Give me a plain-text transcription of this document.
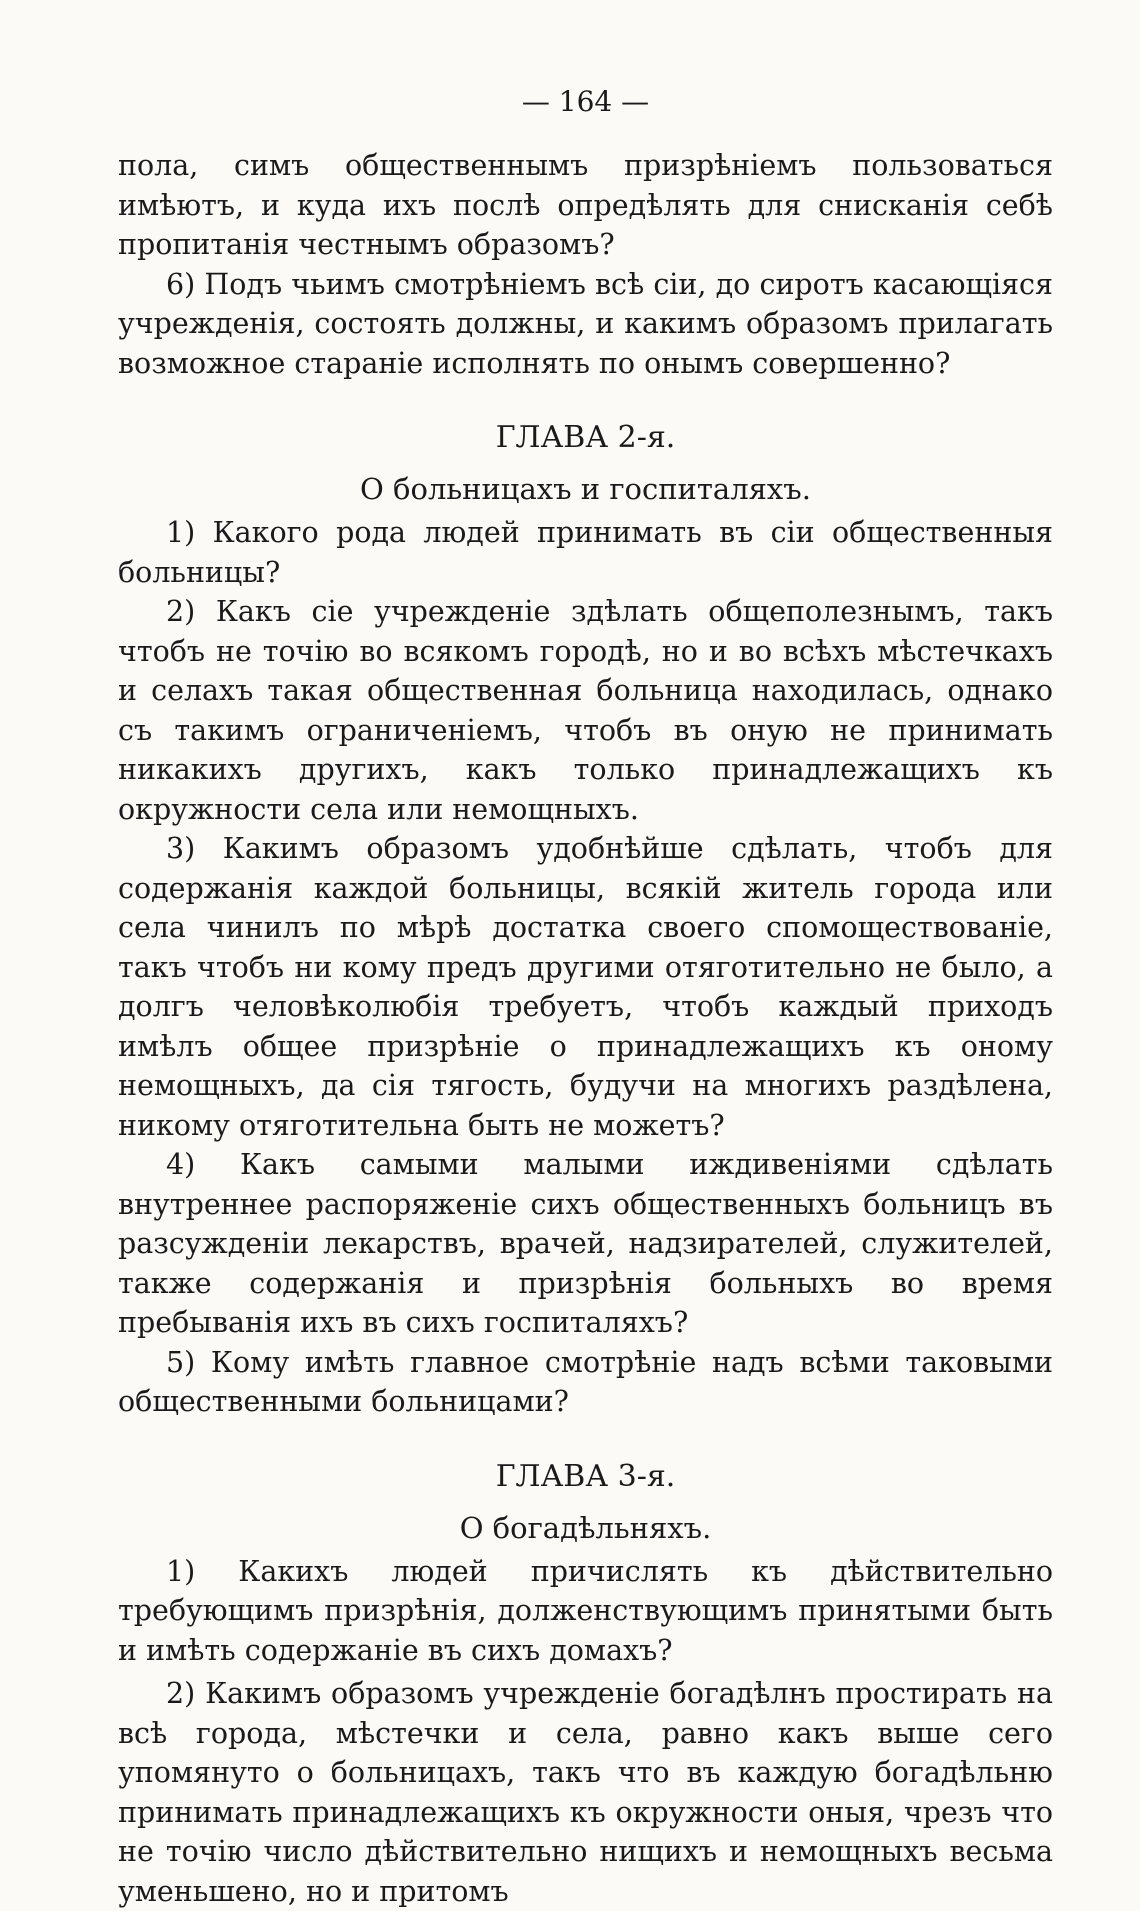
— 164 —

пола, симъ общественнымъ призрѣніемъ пользоваться имѣютъ, и куда ихъ послѣ опредѣлять для снисканія себѣ пропитанія честнымъ образомъ?

6) Подъ чьимъ смотрѣніемъ всѣ сіи, до сиротъ касающіяся учрежденія, состоять должны, и какимъ образомъ прилагать возможное стараніе исполнять по онымъ совершенно?

ГЛАВА 2-я.
О больницахъ и госпиталяхъ.

1) Какого рода людей принимать въ сіи общественныя больницы?

2) Какъ сіе учрежденіе здѣлать общеполезнымъ, такъ чтобъ не точію во всякомъ городѣ, но и во всѣхъ мѣстечкахъ и селахъ такая общественная больница находилась, однако съ такимъ ограниченіемъ, чтобъ въ оную не принимать никакихъ другихъ, какъ только принадлежащихъ къ окружности села или немощныхъ.

3) Какимъ образомъ удобнѣйше сдѣлать, чтобъ для содержанія каждой больницы, всякій житель города или села чинилъ по мѣрѣ достатка своего спомоществованіе, такъ чтобъ ни кому предъ другими отяготительно не было, а долгъ человѣколюбія требуетъ, чтобъ каждый приходъ имѣлъ общее призрѣніе о принадлежащихъ къ оному немощныхъ, да сія тягость, будучи на многихъ раздѣлена, никому отяготительна быть не можетъ?

4) Какъ самыми малыми иждивеніями сдѣлать внутреннее распоряженіе сихъ общественныхъ больницъ въ разсужденіи лекарствъ, врачей, надзирателей, служителей, также содержанія и призрѣнія больныхъ во время пребыванія ихъ въ сихъ госпиталяхъ?

5) Кому имѣть главное смотрѣніе надъ всѣми таковыми общественными больницами?

ГЛАВА 3-я.
О богадѣльняхъ.

1) Какихъ людей причислять къ дѣйствительно требующимъ призрѣнія, долженствующимъ принятыми быть и имѣть содержаніе въ сихъ домахъ?

2) Какимъ образомъ учрежденіе богадѣлнъ простирать на всѣ города, мѣстечки и села, равно какъ выше сего упомянуто о больницахъ, такъ что въ каждую богадѣльню принимать принадлежащихъ къ окружности оныя, чрезъ что не точію число дѣйствительно нищихъ и немощныхъ весьма уменьшено, но и притомъ
